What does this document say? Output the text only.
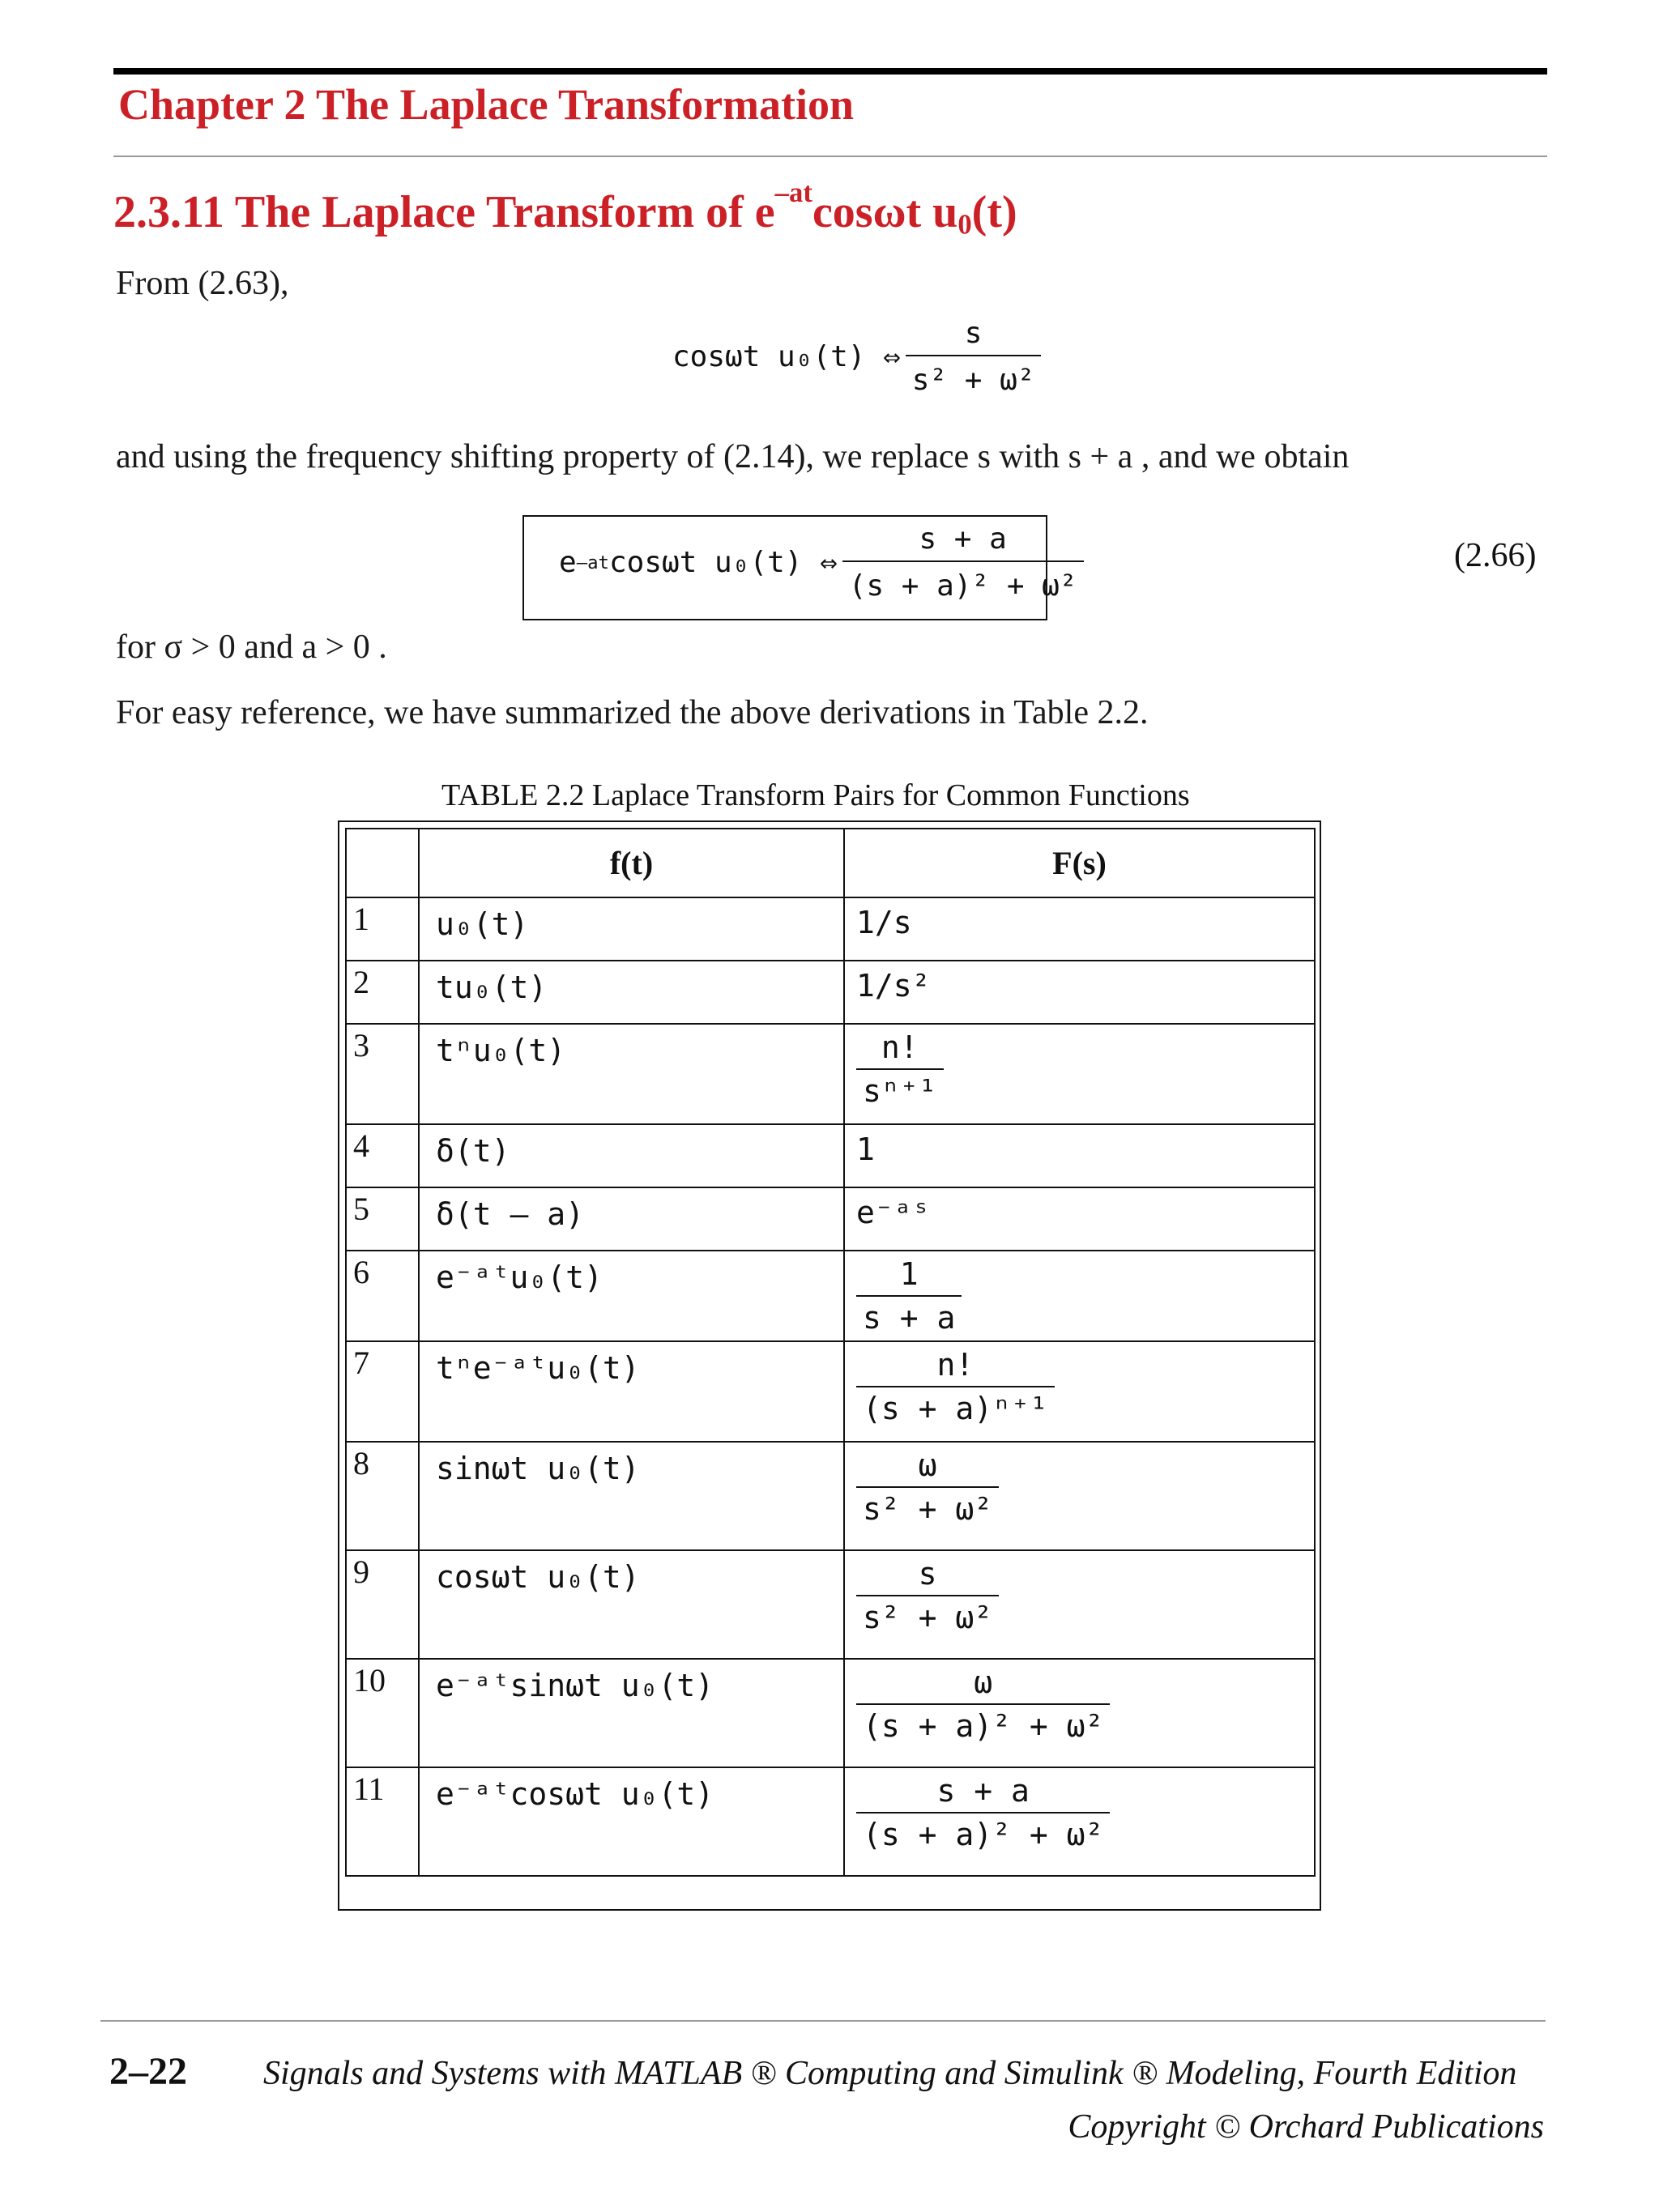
Chapter 2 The Laplace Transformation
2.3.11 The Laplace Transform of $e^{-at}\cos\omega t$ $u_0(t)$
From (2.63),
cosωt u₀(t) ⇔ $\frac{s}{\text{s² + ω²}}$
and using the frequency shifting property of (2.14), we replace s with s + a , and we obtain
e –at cosωt u₀(t) ⇔ $\frac{s + a}{\text{(s + a)² + ω²}}$	(2.66)
for σ > 0 and a > 0 .
For easy reference, we have summarized the above derivations in Table 2.2.
TABLE 2.2 Laplace Transform Pairs for Common Functions
	f(t)	F(s)
1	u₀(t)	1/s
2	tu₀(t)	1/s²
3	tⁿu₀(t)	$\frac{n!}{\text{sⁿ⁺¹}}$

4	δ(t)	1
5	δ(t – a)	e⁻ᵃˢ
6	e⁻ᵃᵗu₀(t)	$\frac{1}{s + a}$

7	tⁿe⁻ᵃᵗu₀(t)	$\frac{n!}{\text{(s + a)ⁿ⁺¹}}$

8	sinωt u₀(t)	$\frac{\omega}{\text{s² + ω²}}$

9	cosωt u₀(t)	$\frac{s}{\text{s² + ω²}}$

10	e⁻ᵃᵗsinωt u₀(t)	$\frac{\omega}{\text{(s + a)² + ω²}}$

11	e⁻ᵃᵗcosωt u₀(t)	$\frac{s + a}{\text{(s + a)² + ω²}}$
2–22 Signals and Systems with MATLAB ® Computing and Simulink ® Modeling, Fourth Edition
Copyright © Orchard Publications
